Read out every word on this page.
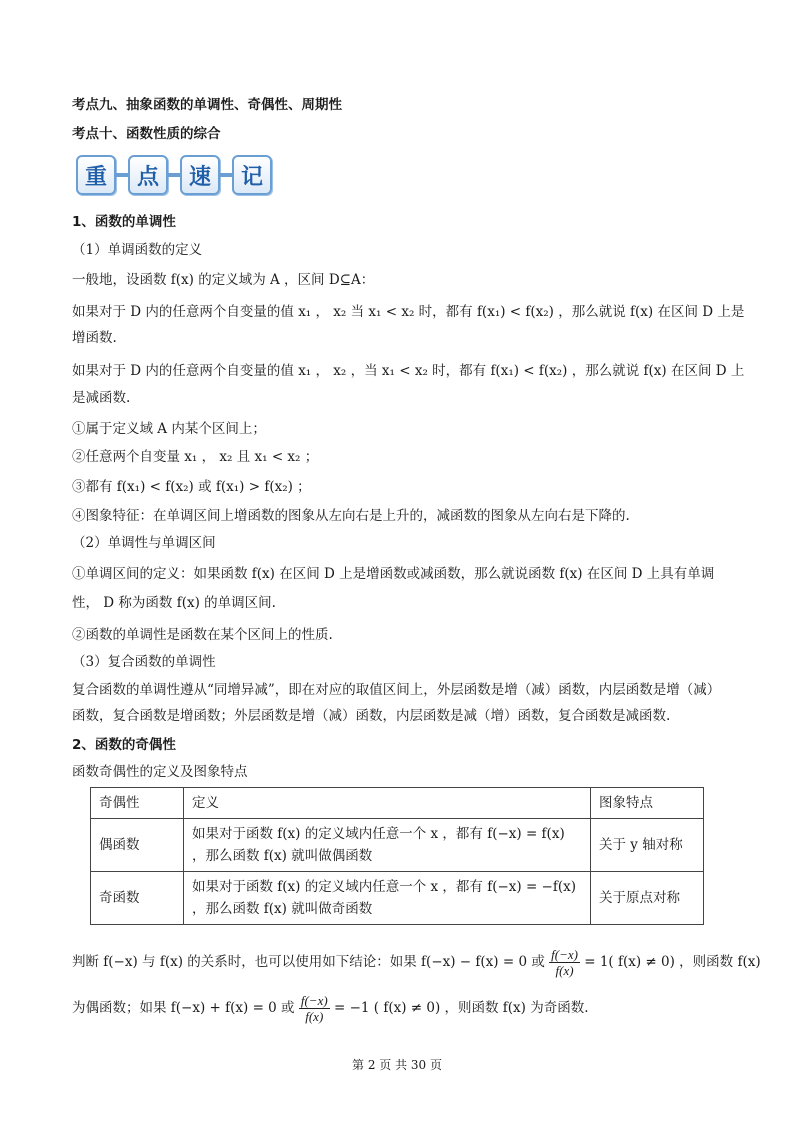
考点九、抽象函数的单调性、奇偶性、周期性
考点十、函数性质的综合
重	点	速	记
1、函数的单调性
（1）单调函数的定义
一般地，设函数 f(x) 的定义域为 A ，区间 D⊆A：
如果对于 D 内的任意两个自变量的值 x₁ ， x₂ 当 x₁ < x₂ 时，都有 f(x₁) < f(x₂) ，那么就说 f(x) 在区间 D 上是
增函数.
如果对于 D 内的任意两个自变量的值 x₁ ， x₂ ，当 x₁ < x₂ 时，都有 f(x₁) < f(x₂) ，那么就说 f(x) 在区间 D 上
是减函数.
①属于定义域 A 内某个区间上；
②任意两个自变量 x₁ ， x₂ 且 x₁ < x₂ ；
③都有 f(x₁) < f(x₂) 或 f(x₁) > f(x₂) ；
④图象特征：在单调区间上增函数的图象从左向右是上升的，减函数的图象从左向右是下降的.
（2）单调性与单调区间
①单调区间的定义：如果函数 f(x) 在区间 D 上是增函数或减函数，那么就说函数 f(x) 在区间 D 上具有单调
性， D 称为函数 f(x) 的单调区间.
②函数的单调性是函数在某个区间上的性质.
（3）复合函数的单调性
复合函数的单调性遵从“同增异减”，即在对应的取值区间上，外层函数是增（减）函数，内层函数是增（减）
函数，复合函数是增函数；外层函数是增（减）函数，内层函数是减（增）函数，复合函数是减函数.
2、函数的奇偶性
函数奇偶性的定义及图象特点
奇偶性	定义	图象特点
偶函数	如果对于函数 f(x) 的定义域内任意一个 x ，都有 f(−x) = f(x) ，那么函数 f(x) 就叫做偶函数	关于 y 轴对称
奇函数	如果对于函数 f(x) 的定义域内任意一个 x ，都有 f(−x) = −f(x) ，那么函数 f(x) 就叫做奇函数	关于原点对称
判断 f(−x) 与 f(x) 的关系时，也可以使用如下结论：如果 f(−x) − f(x) = 0 或 $\frac{f(-x)}{f(x)} = 1$( f(x) ≠ 0) ，则函数 f(x)
为偶函数；如果 f(−x) + f(x) = 0 或 $\frac{f(-x)}{f(x)} = -1$ ( f(x) ≠ 0) ，则函数 f(x) 为奇函数.
第 2 页 共 30 页
